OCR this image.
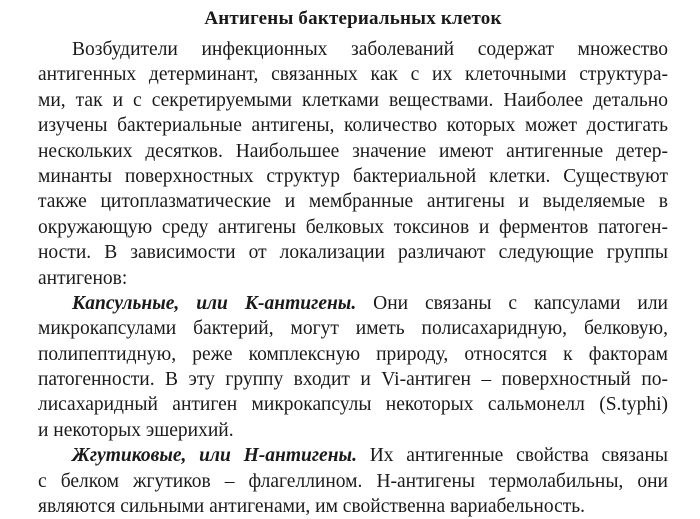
Антигены бактериальных клеток
Возбудители инфекционных заболеваний содержат множество
антигенных детерминант, связанных как с их клеточными структура-
ми, так и с секретируемыми клетками веществами. Наиболее детально
изучены бактериальные антигены, количество которых может достигать
нескольких десятков. Наибольшее значение имеют антигенные детер-
минанты поверхностных структур бактериальной клетки. Существуют
также цитоплазматические и мембранные антигены и выделяемые в
окружающую среду антигены белковых токсинов и ферментов патоген-
ности. В зависимости от локализации различают следующие группы
антигенов:
Капсульные, или К-антигены. Они связаны с капсулами или
микрокапсулами бактерий, могут иметь полисахаридную, белковую,
полипептидную, реже комплексную природу, относятся к факторам
патогенности. В эту группу входит и Vi-антиген – поверхностный по-
лисахаридный антиген микрокапсулы некоторых сальмонелл (S.typhi)
и некоторых эшерихий.
Жгутиковые, или Н-антигены. Их антигенные свойства связаны
с белком жгутиков – флагеллином. Н-антигены термолабильны, они
являются сильными антигенами, им свойственна вариабельность.
